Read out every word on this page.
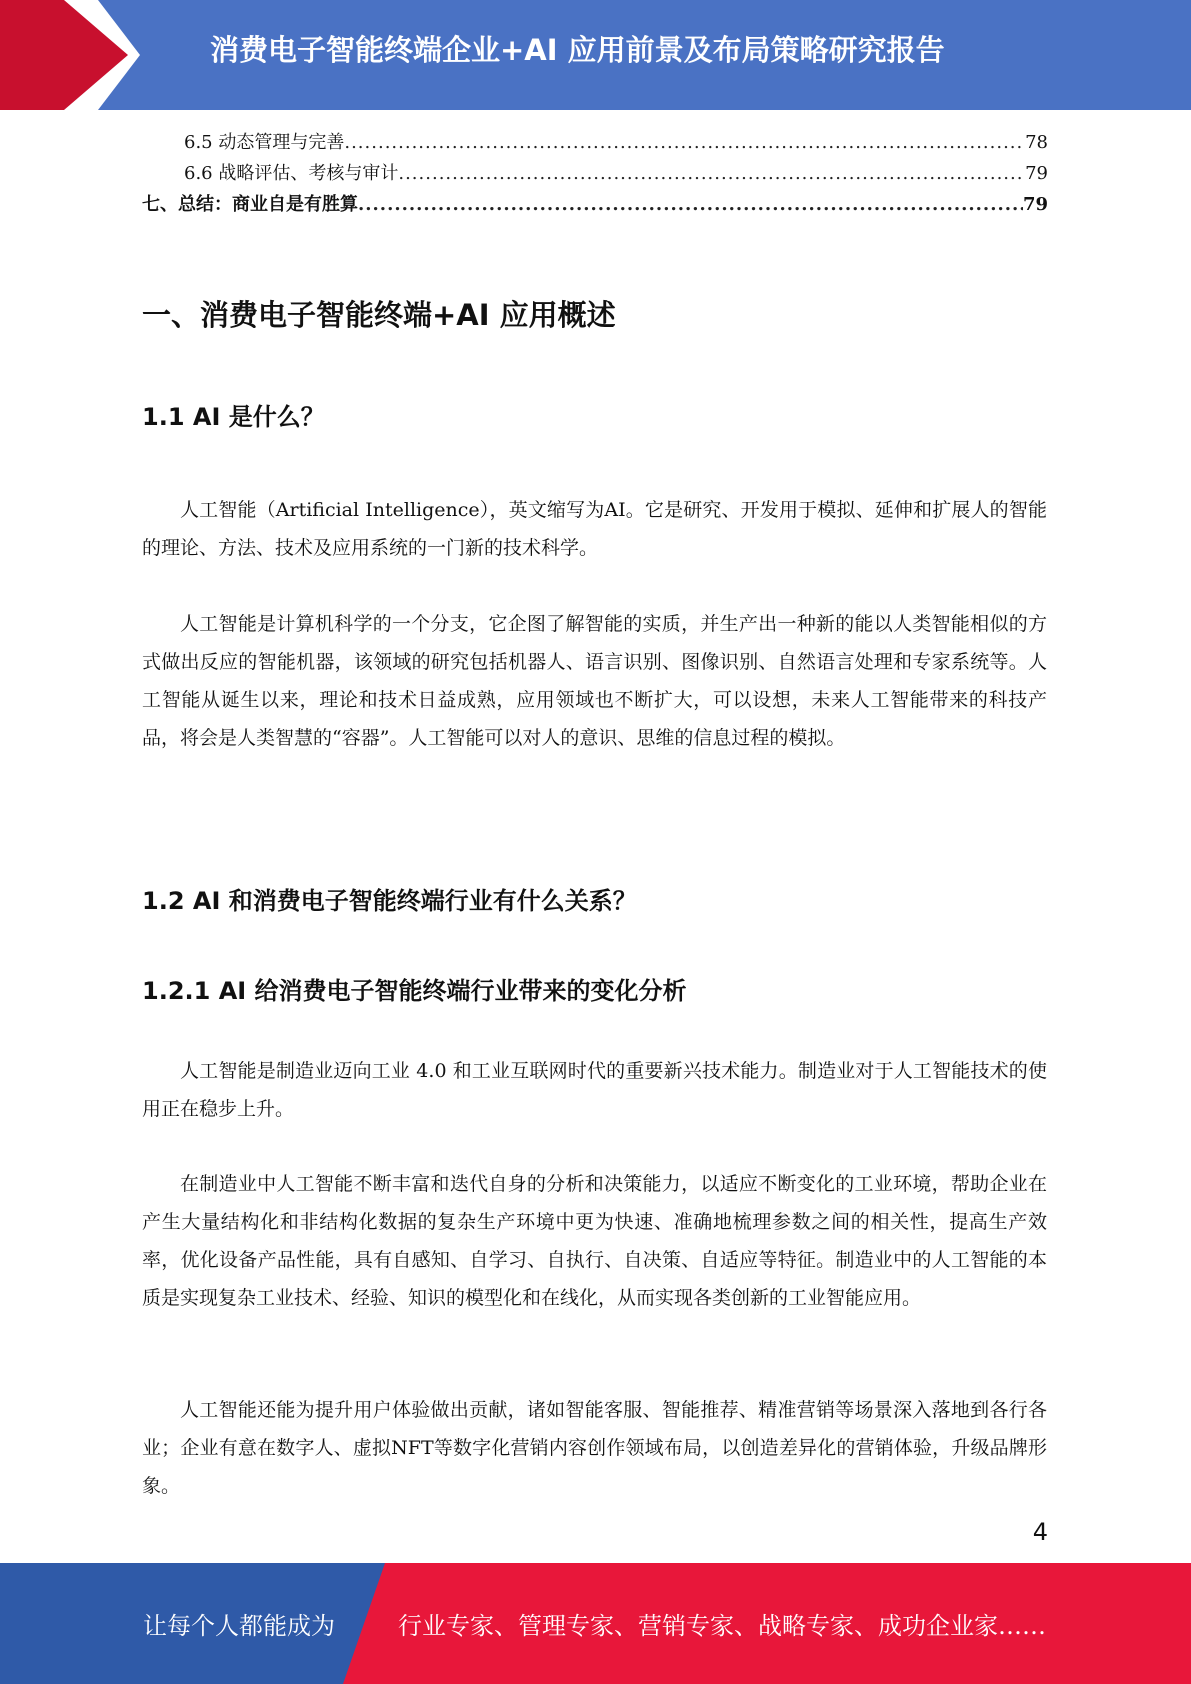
消费电子智能终端企业+AI 应用前景及布局策略研究报告
6.5 动态管理与完善 .....	78
6.6 战略评估、考核与审计 .....	79
七、总结：商业自是有胜算 .....	79
一、消费电子智能终端+AI 应用概述
1.1 AI 是什么？

人工智能（Artificial Intelligence），英文缩写为AI。它是研究、开发用于模拟、延伸和扩展人的智能的理论、方法、技术及应用系统的一门新的技术科学。

人工智能是计算机科学的一个分支，它企图了解智能的实质，并生产出一种新的能以人类智能相似的方式做出反应的智能机器，该领域的研究包括机器人、语言识别、图像识别、自然语言处理和专家系统等。人工智能从诞生以来，理论和技术日益成熟，应用领域也不断扩大，可以设想，未来人工智能带来的科技产品，将会是人类智慧的“容器”。人工智能可以对人的意识、思维的信息过程的模拟。

1.2 AI 和消费电子智能终端行业有什么关系？
1.2.1 AI 给消费电子智能终端行业带来的变化分析

人工智能是制造业迈向工业 4.0 和工业互联网时代的重要新兴技术能力。制造业对于人工智能技术的使用正在稳步上升。

在制造业中人工智能不断丰富和迭代自身的分析和决策能力，以适应不断变化的工业环境，帮助企业在产生大量结构化和非结构化数据的复杂生产环境中更为快速、准确地梳理参数之间的相关性，提高生产效率，优化设备产品性能，具有自感知、自学习、自执行、自决策、自适应等特征。制造业中的人工智能的本质是实现复杂工业技术、经验、知识的模型化和在线化，从而实现各类创新的工业智能应用。

人工智能还能为提升用户体验做出贡献，诸如智能客服、智能推荐、精准营销等场景深入落地到各行各业；企业有意在数字人、虚拟NFT等数字化营销内容创作领域布局，以创造差异化的营销体验，升级品牌形象。

4
让每个人都能成为	行业专家、管理专家、营销专家、战略专家、成功企业家……
